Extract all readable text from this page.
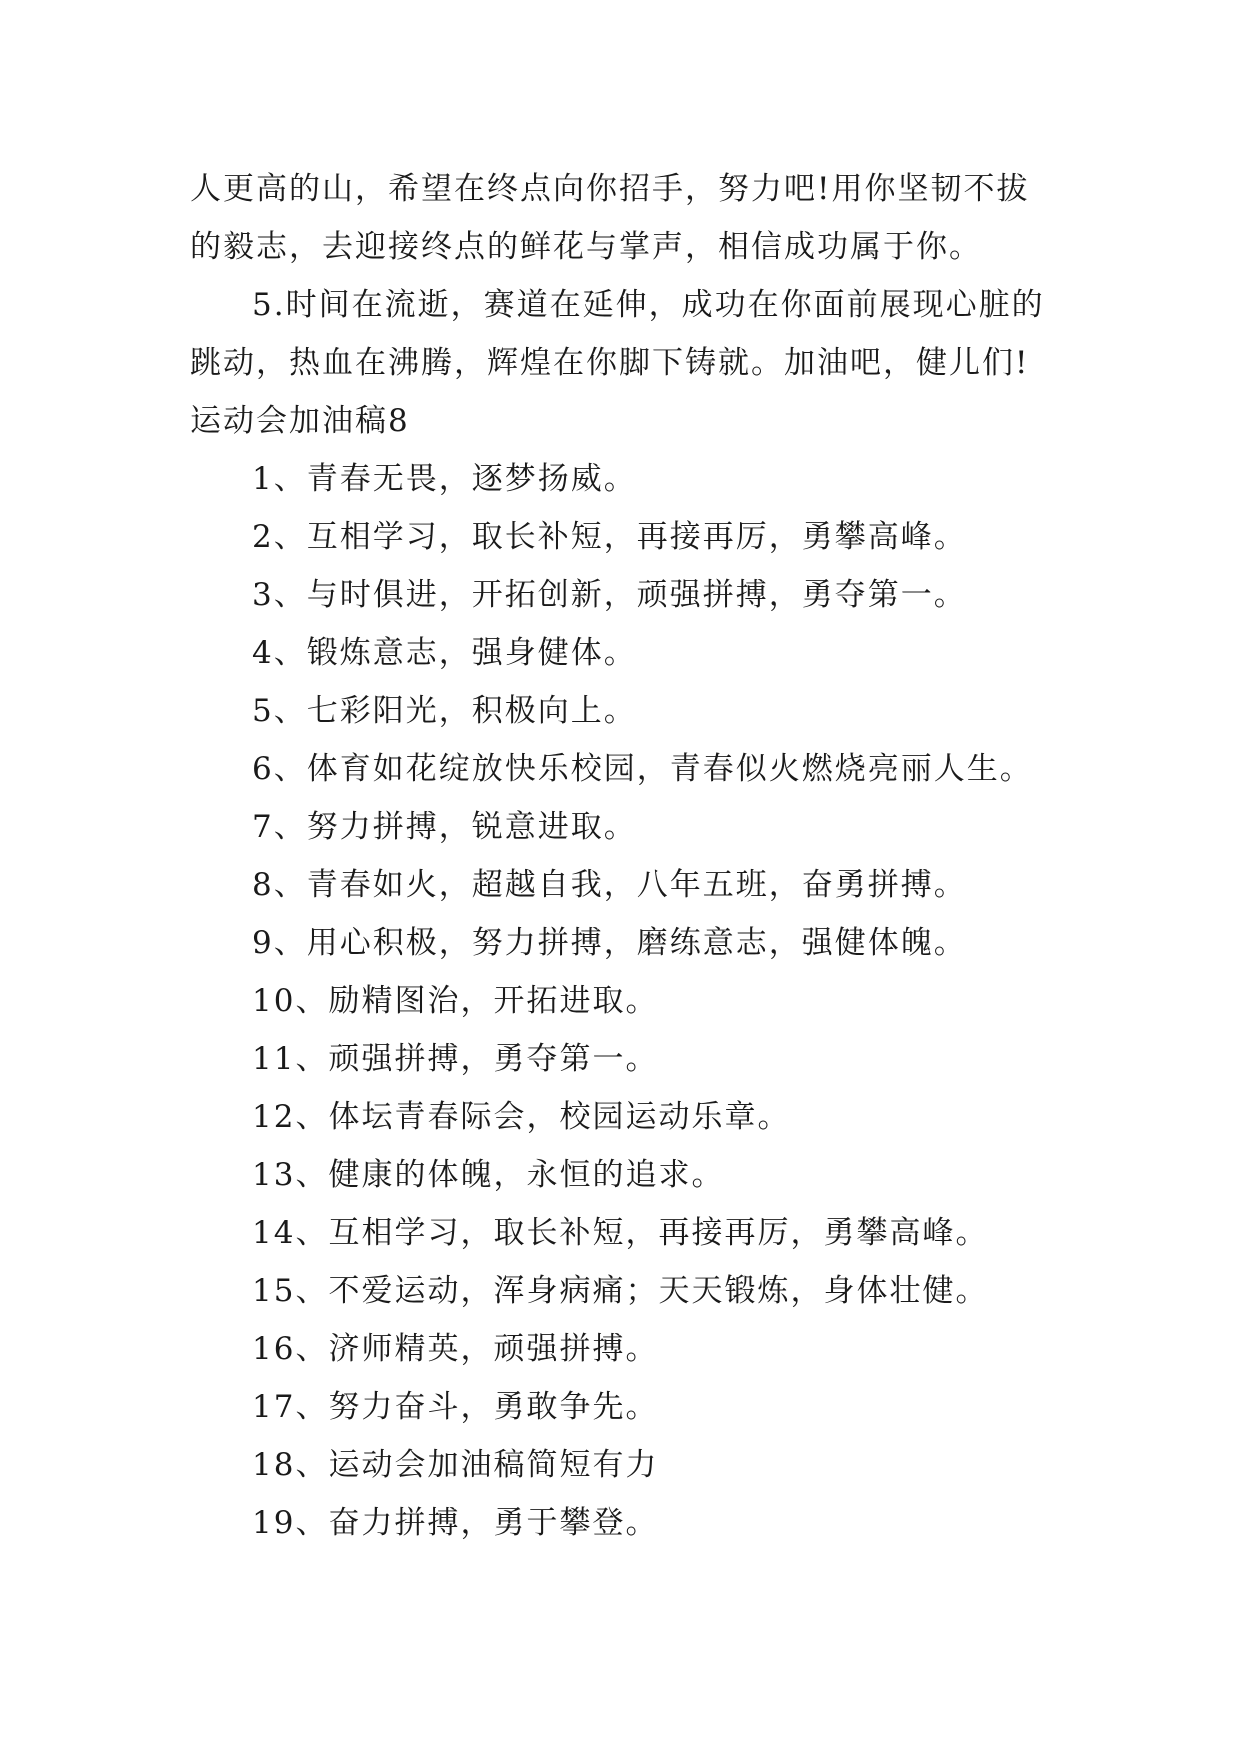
人更高的山，希望在终点向你招手，努力吧!用你坚韧不拔
的毅志，去迎接终点的鲜花与掌声，相信成功属于你。
5.时间在流逝，赛道在延伸，成功在你面前展现心脏的
跳动，热血在沸腾，辉煌在你脚下铸就。加油吧，健儿们!
运动会加油稿8
1、青春无畏，逐梦扬威。
2、互相学习，取长补短，再接再厉，勇攀高峰。
3、与时俱进，开拓创新，顽强拼搏，勇夺第一。
4、锻炼意志，强身健体。
5、七彩阳光，积极向上。
6、体育如花绽放快乐校园，青春似火燃烧亮丽人生。
7、努力拼搏，锐意进取。
8、青春如火，超越自我，八年五班，奋勇拼搏。
9、用心积极，努力拼搏，磨练意志，强健体魄。
10、励精图治，开拓进取。
11、顽强拼搏，勇夺第一。
12、体坛青春际会，校园运动乐章。
13、健康的体魄，永恒的追求。
14、互相学习，取长补短，再接再厉，勇攀高峰。
15、不爱运动，浑身病痛；天天锻炼，身体壮健。
16、济师精英，顽强拼搏。
17、努力奋斗，勇敢争先。
18、运动会加油稿简短有力
19、奋力拼搏，勇于攀登。
